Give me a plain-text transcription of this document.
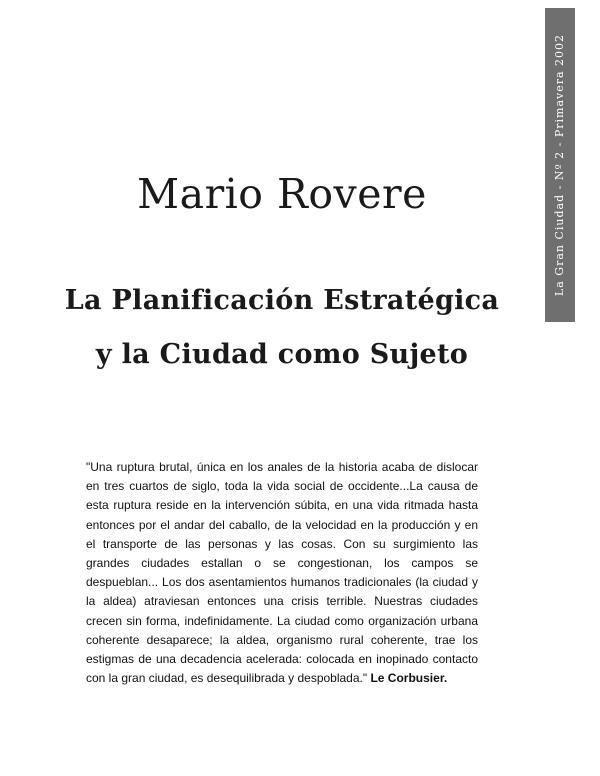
La Gran Ciudad - Nº 2 - Primavera 2002
Mario Rovere
La Planificación Estratégica
y la Ciudad como Sujeto

"Una ruptura brutal, única en los anales de la historia acaba de dislocar en tres cuartos de siglo, toda la vida social de occidente...La causa de esta ruptura reside en la intervención súbita, en una vida ritmada hasta entonces por el andar del caballo, de la velocidad en la producción y en el transporte de las personas y las cosas. Con su surgimiento las grandes ciudades estallan o se congestionan, los campos se despueblan... Los dos asentamientos humanos tradicionales (la ciudad y la aldea) atraviesan entonces una crisis terrible. Nuestras ciudades crecen sin forma, indefinidamente. La ciudad como organización urbana coherente desaparece; la aldea, organismo rural coherente, trae los estigmas de una decadencia acelerada: colocada en inopinado contacto con la gran ciudad, es desequilibrada y despoblada." Le Corbusier.
